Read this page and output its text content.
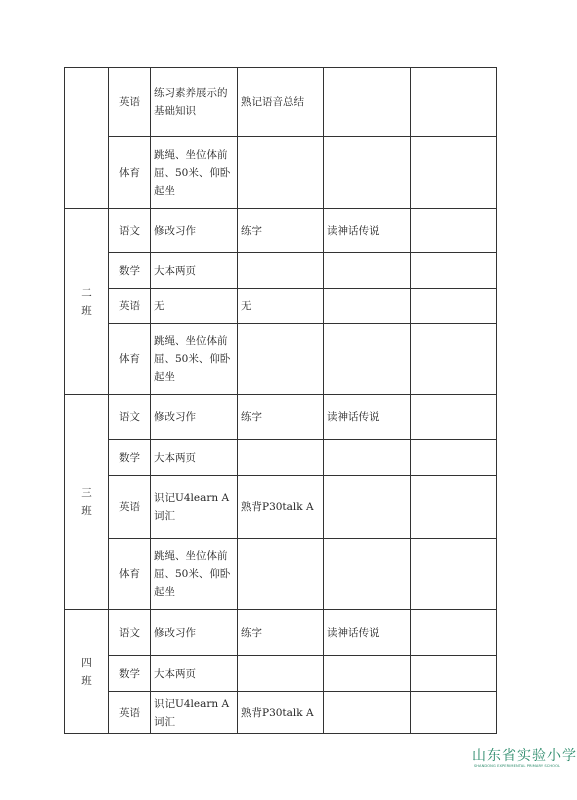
	英语	练习素养展示的基础知识	熟记语音总结		
	体育	跳绳、坐位体前屈、50米、仰卧起坐			

二
班	语文	修改习作	练字	读神话传说	
	数学	大本两页			
	英语	无	无		
	体育	跳绳、坐位体前屈、50米、仰卧起坐			

三
班	语文	修改习作	练字	读神话传说	
	数学	大本两页			
	英语	识记U4learn A词汇	熟背P30talk A		
	体育	跳绳、坐位体前屈、50米、仰卧起坐			

四
班	语文	修改习作	练字	读神话传说	
	数学	大本两页			
	英语	识记U4learn A词汇	熟背P30talk A		
山东省实验小学
SHANDONG EXPERIMENTAL PRIMARY SCHOOL
